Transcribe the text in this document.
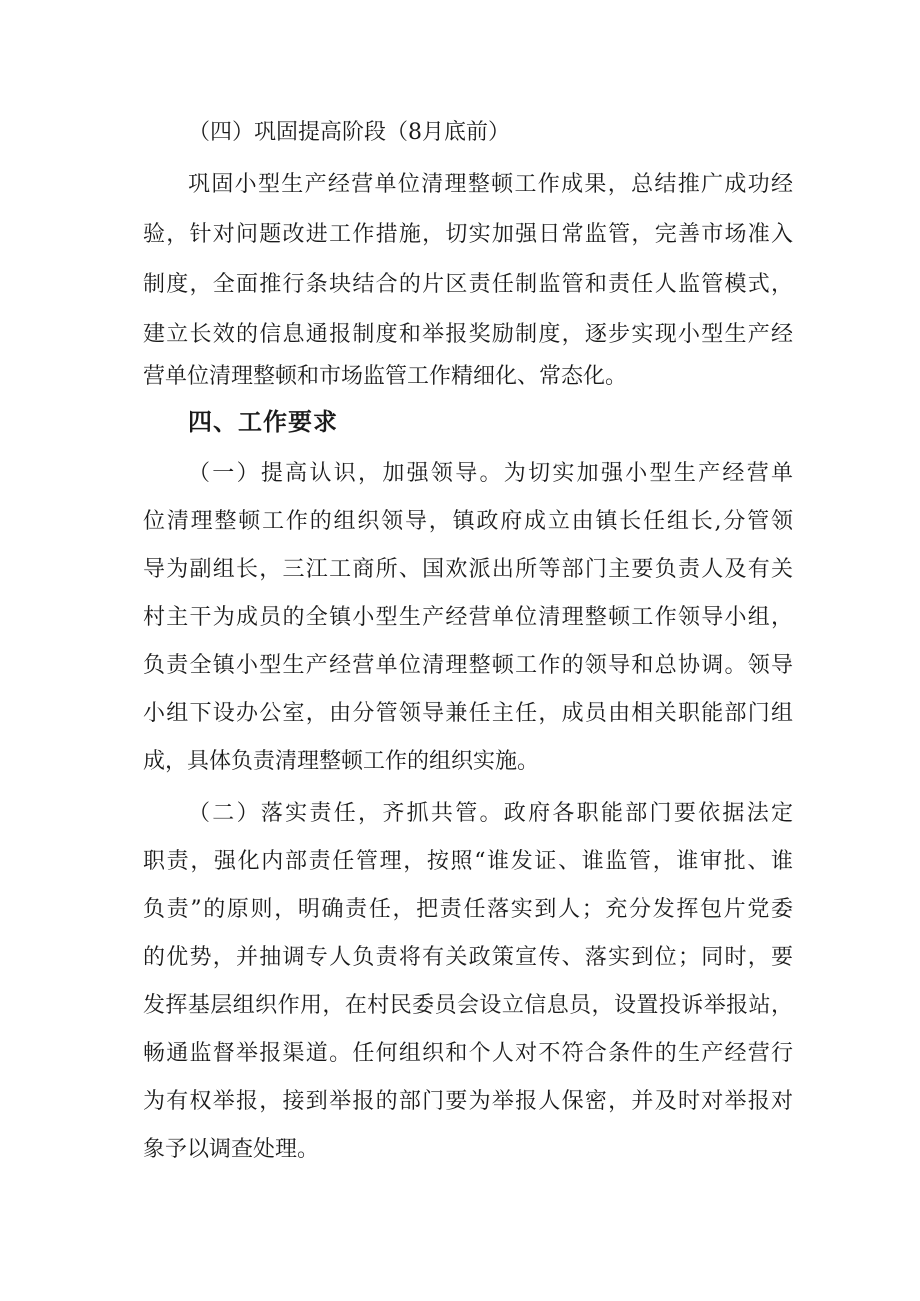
（四）巩固提高阶段（8月底前）
巩固小型生产经营单位清理整顿工作成果，总结推广成功经
验，针对问题改进工作措施，切实加强日常监管，完善市场准入
制度，全面推行条块结合的片区责任制监管和责任人监管模式，
建立长效的信息通报制度和举报奖励制度，逐步实现小型生产经
营单位清理整顿和市场监管工作精细化、常态化。
四、工作要求
（一）提高认识，加强领导。为切实加强小型生产经营单
位清理整顿工作的组织领导，镇政府成立由镇长任组长,分管领
导为副组长，三江工商所、国欢派出所等部门主要负责人及有关
村主干为成员的全镇小型生产经营单位清理整顿工作领导小组，
负责全镇小型生产经营单位清理整顿工作的领导和总协调。领导
小组下设办公室，由分管领导兼任主任，成员由相关职能部门组
成，具体负责清理整顿工作的组织实施。
（二）落实责任，齐抓共管。政府各职能部门要依据法定
职责，强化内部责任管理，按照“谁发证、谁监管，谁审批、谁
负责”的原则，明确责任，把责任落实到人；充分发挥包片党委
的优势，并抽调专人负责将有关政策宣传、落实到位；同时，要
发挥基层组织作用，在村民委员会设立信息员，设置投诉举报站，
畅通监督举报渠道。任何组织和个人对不符合条件的生产经营行
为有权举报，接到举报的部门要为举报人保密，并及时对举报对
象予以调查处理。
